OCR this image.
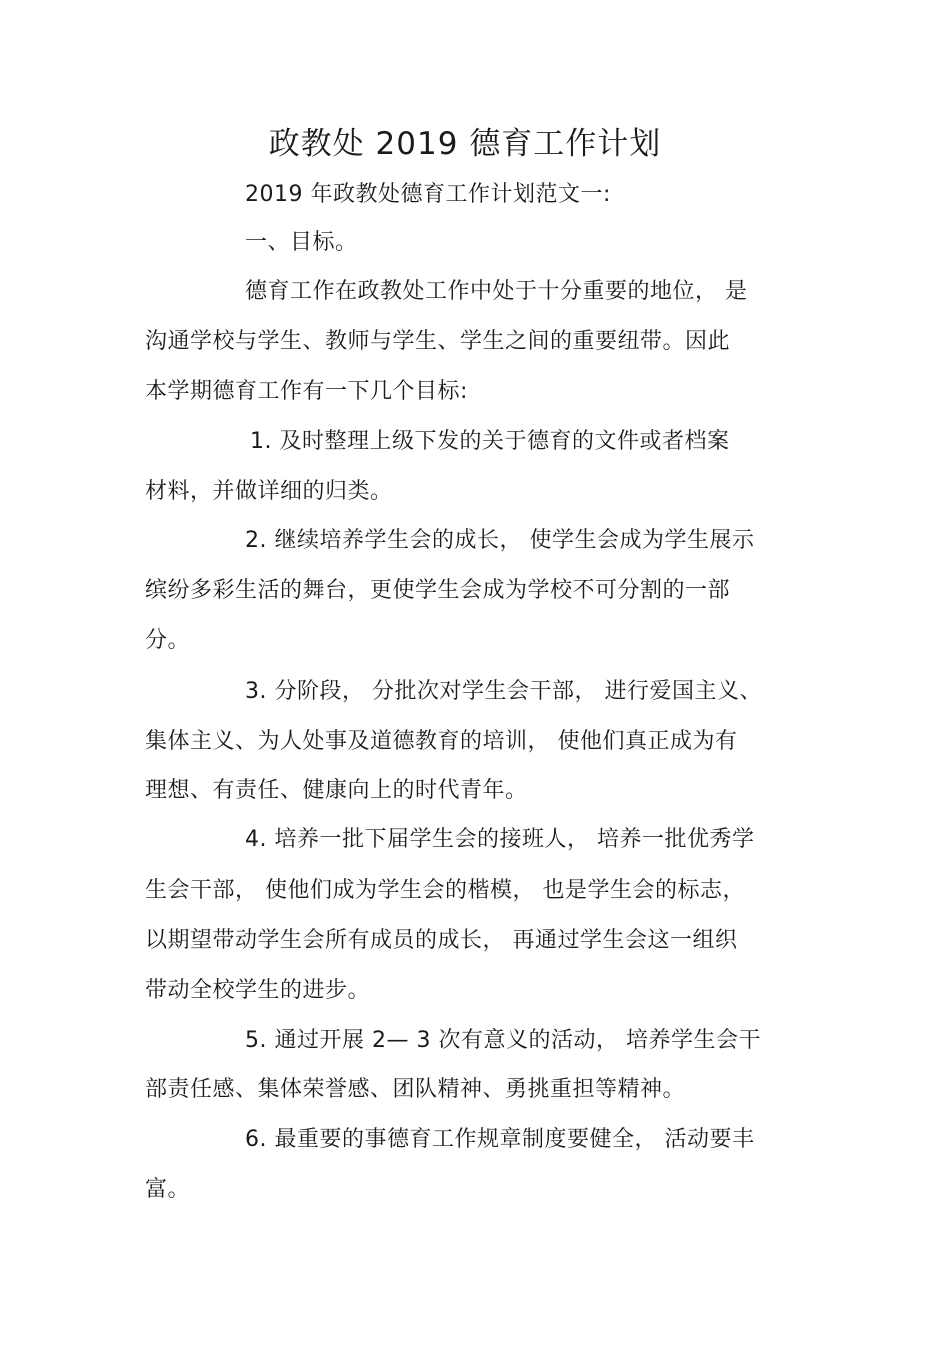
政教处 2019 德育工作计划
2019 年政教处德育工作计划范文一:
一、目标。
德育工作在政教处工作中处于十分重要的地位， 是
沟通学校与学生、教师与学生、学生之间的重要纽带。因此
本学期德育工作有一下几个目标:
1. 及时整理上级下发的关于德育的文件或者档案
材料，并做详细的归类。
2. 继续培养学生会的成长， 使学生会成为学生展示
缤纷多彩生活的舞台，更使学生会成为学校不可分割的一部
分。
3. 分阶段， 分批次对学生会干部， 进行爱国主义、
集体主义、为人处事及道德教育的培训， 使他们真正成为有
理想、有责任、健康向上的时代青年。
4. 培养一批下届学生会的接班人， 培养一批优秀学
生会干部， 使他们成为学生会的楷模， 也是学生会的标志，
以期望带动学生会所有成员的成长， 再通过学生会这一组织
带动全校学生的进步。
5. 通过开展 2— 3 次有意义的活动， 培养学生会干
部责任感、集体荣誉感、团队精神、勇挑重担等精神。
6. 最重要的事德育工作规章制度要健全， 活动要丰
富。
